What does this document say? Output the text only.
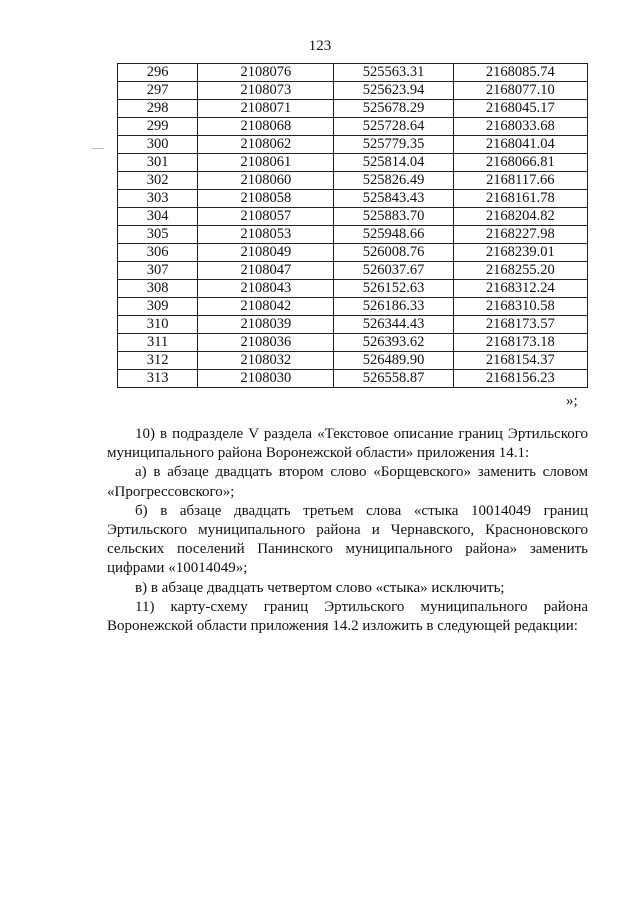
123
296	2108076	525563.31	2168085.74
297	2108073	525623.94	2168077.10
298	2108071	525678.29	2168045.17
299	2108068	525728.64	2168033.68
300	2108062	525779.35	2168041.04
301	2108061	525814.04	2168066.81
302	2108060	525826.49	2168117.66
303	2108058	525843.43	2168161.78
304	2108057	525883.70	2168204.82
305	2108053	525948.66	2168227.98
306	2108049	526008.76	2168239.01
307	2108047	526037.67	2168255.20
308	2108043	526152.63	2168312.24
309	2108042	526186.33	2168310.58
310	2108039	526344.43	2168173.57
311	2108036	526393.62	2168173.18
312	2108032	526489.90	2168154.37
313	2108030	526558.87	2168156.23
»;

10) в подразделе V раздела «Текстовое описание границ Эртильского муниципального района Воронежской области» приложения 14.1:

а) в абзаце двадцать втором слово «Борщевского» заменить словом «Прогрессовского»;

б) в абзаце двадцать третьем слова «стыка 10014049 границ Эртильского муниципального района и Чернавского, Красноновского сельских поселений Панинского муниципального района» заменить цифрами «10014049»;

в) в абзаце двадцать четвертом слово «стыка» исключить;

11) карту-схему границ Эртильского муниципального района Воронежской области приложения 14.2 изложить в следующей редакции:
